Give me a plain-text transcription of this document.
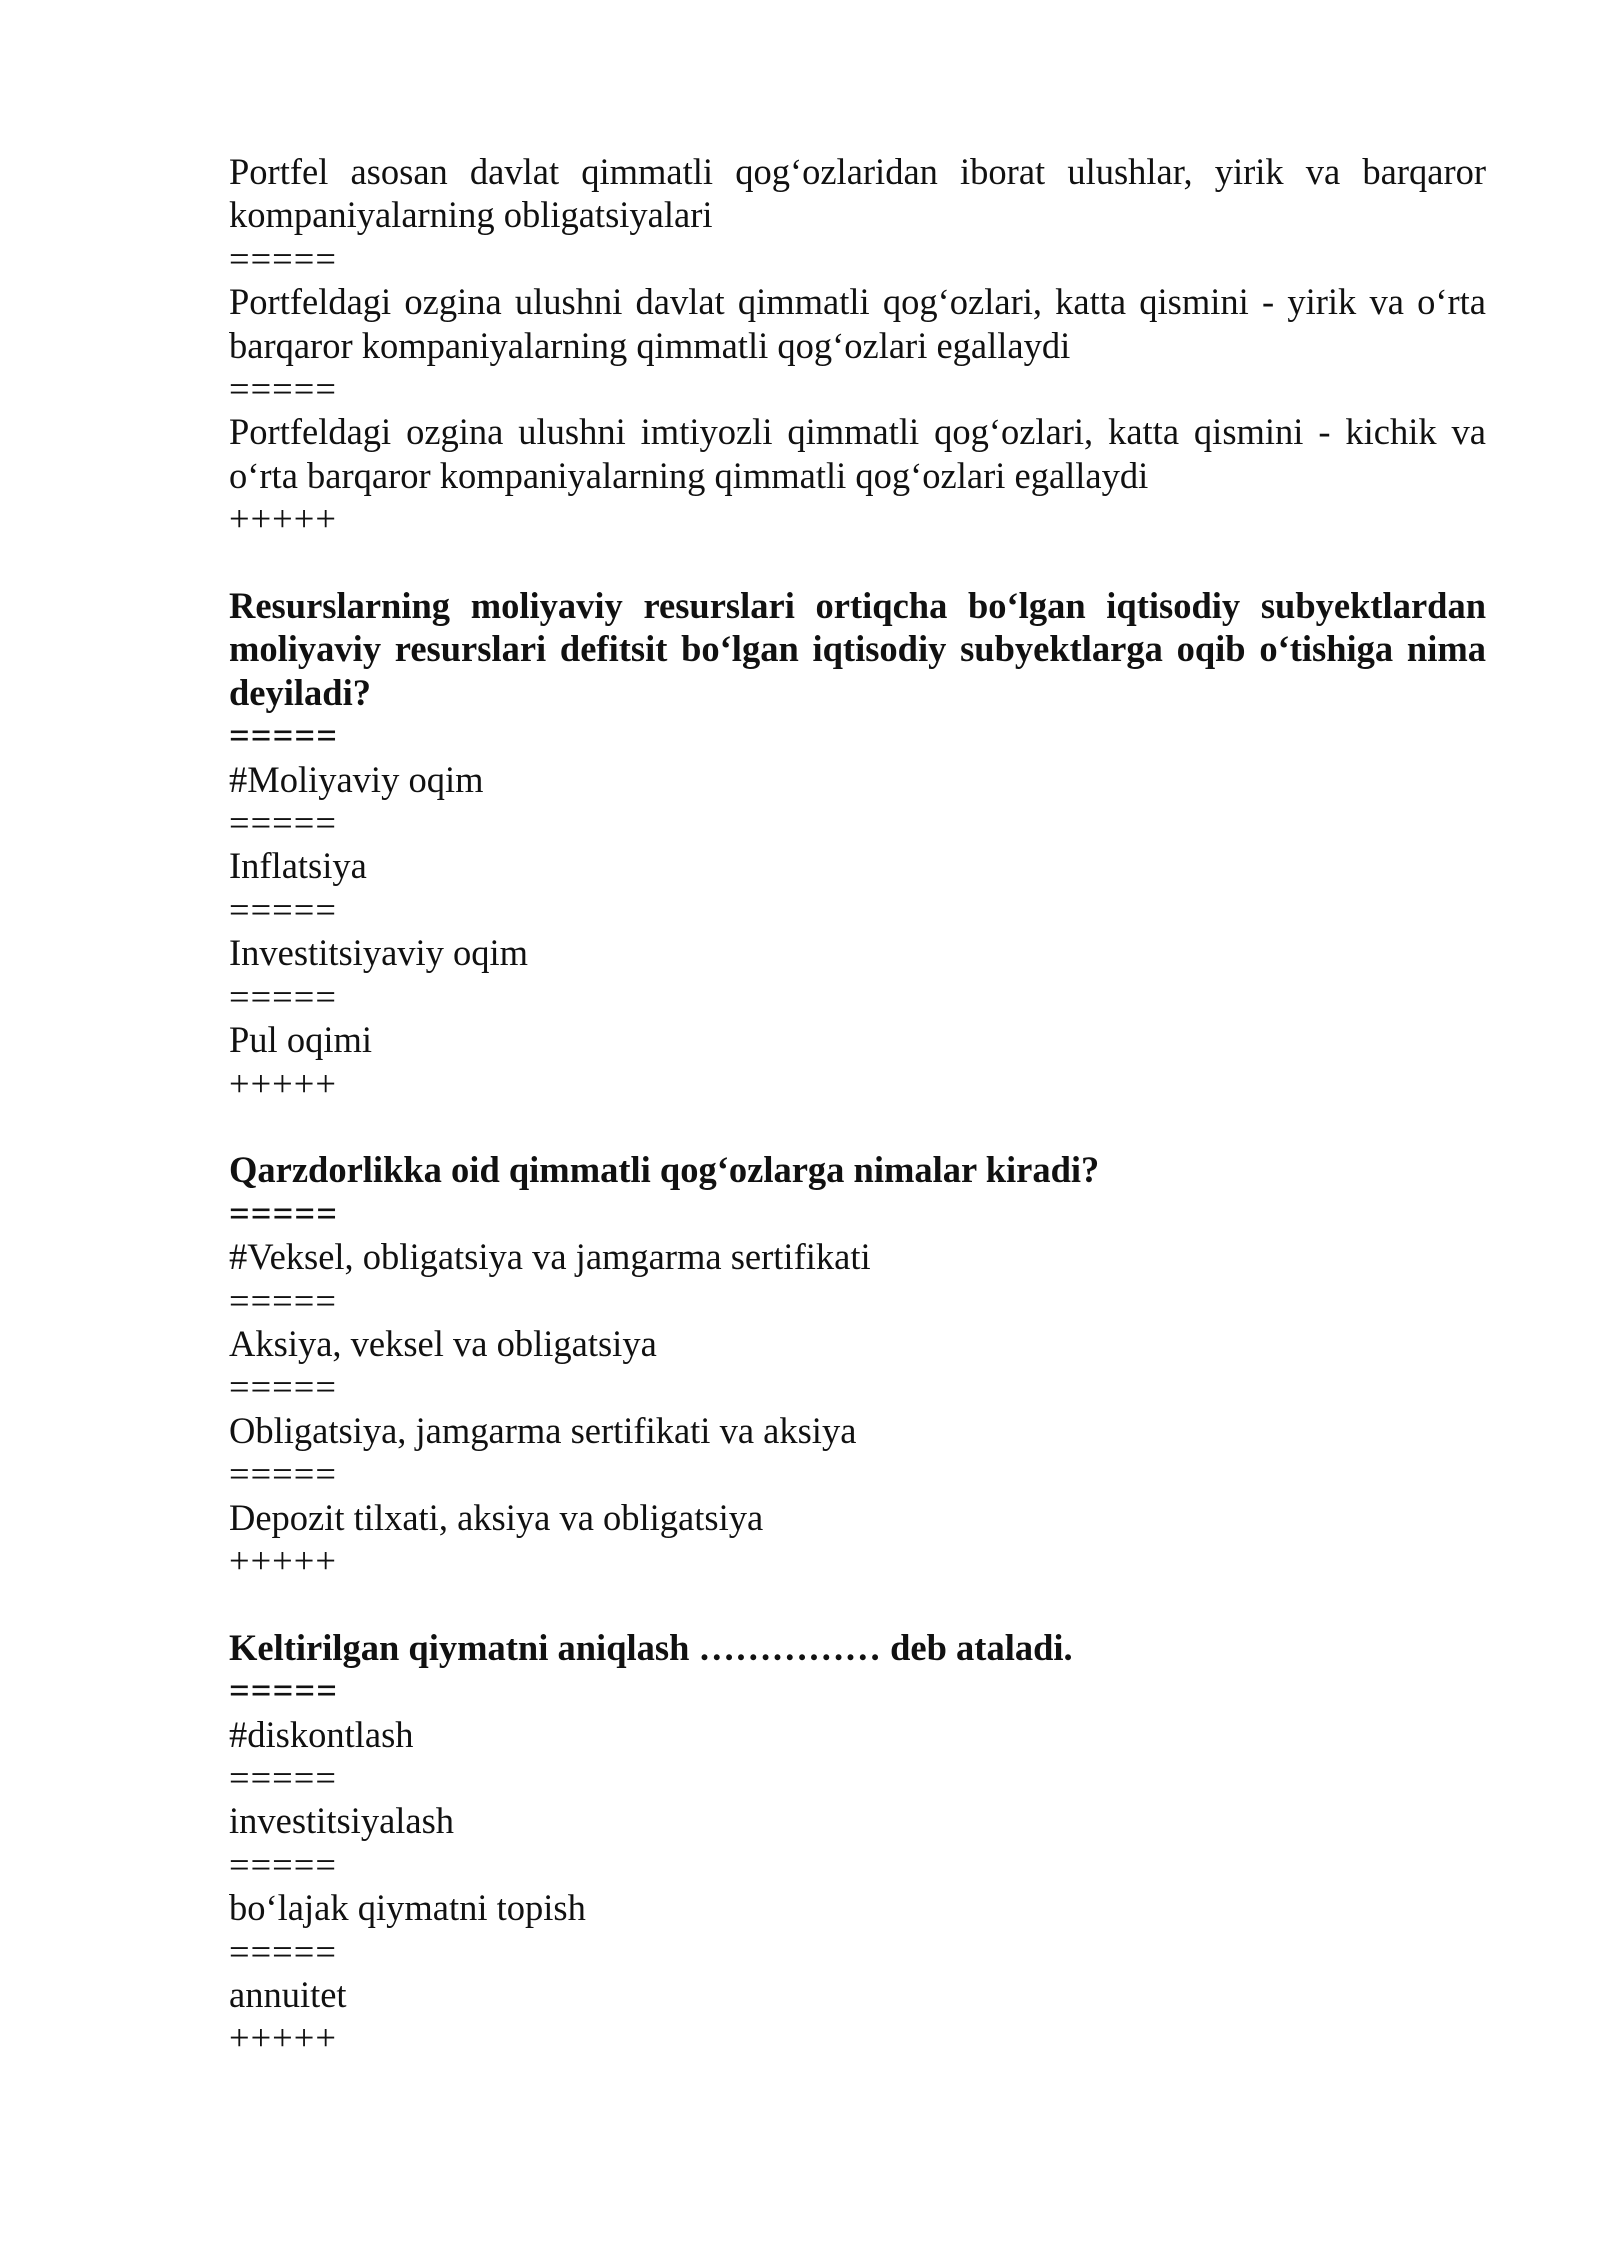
Portfel asosan davlat qimmatli qog‘ozlaridan iborat ulushlar, yirik va barqaror kompaniyalarning obligatsiyalari

=====

Portfeldagi ozgina ulushni davlat qimmatli qog‘ozlari, katta qismini - yirik va o‘rta barqaror kompaniyalarning qimmatli qog‘ozlari egallaydi

=====

Portfeldagi ozgina ulushni imtiyozli qimmatli qog‘ozlari, katta qismini - kichik va o‘rta barqaror kompaniyalarning qimmatli qog‘ozlari egallaydi

+++++

Resurslarning moliyaviy resurslari ortiqcha bo‘lgan iqtisodiy subyektlardan moliyaviy resurslari defitsit bo‘lgan iqtisodiy subyektlarga oqib o‘tishiga nima deyiladi?

=====
#Moliyaviy oqim
=====
Inflatsiya
=====
Investitsiyaviy oqim
=====
Pul oqimi
+++++

Qarzdorlikka oid qimmatli qog‘ozlarga nimalar kiradi?

=====
#Veksel, obligatsiya va jamgarma sertifikati
=====
Aksiya, veksel va obligatsiya
=====
Obligatsiya, jamgarma sertifikati va aksiya
=====
Depozit tilxati, aksiya va obligatsiya
+++++

Keltirilgan qiymatni aniqlash …………… deb ataladi.

=====
#diskontlash
=====
investitsiyalash
=====
bo‘lajak qiymatni topish
=====
annuitet
+++++
